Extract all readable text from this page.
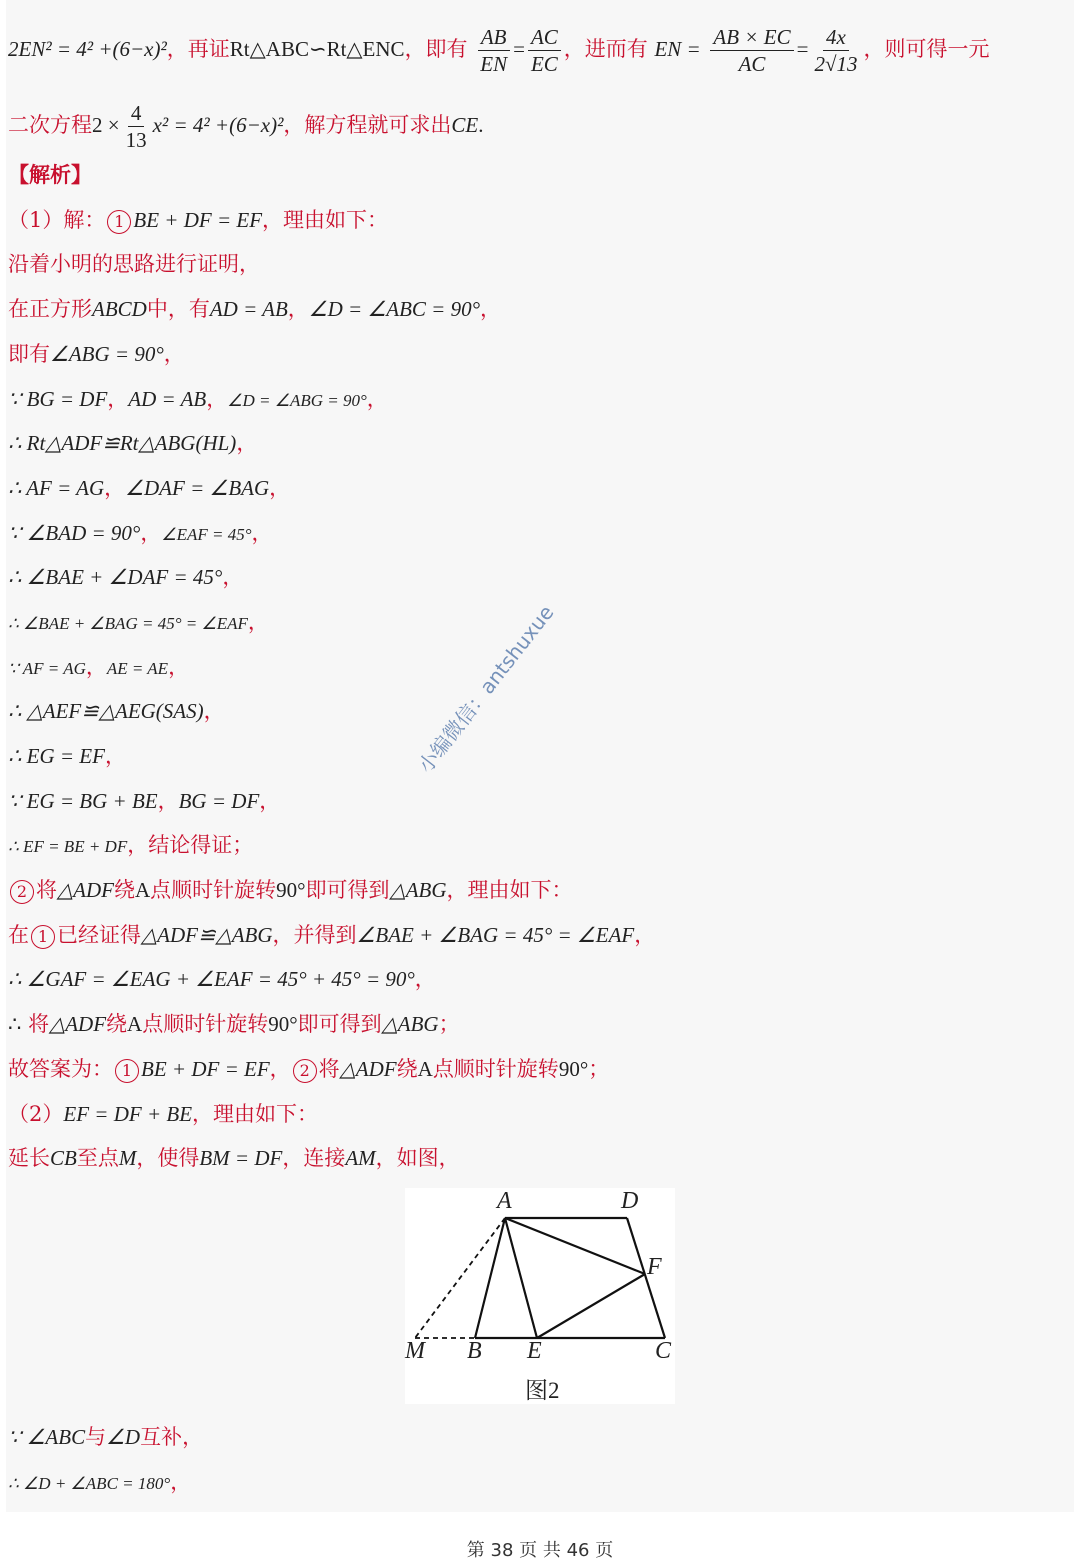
2EN² = 4² +(6−x)²，再证Rt△ABC∽Rt△ENC，即有 $\frac{AB}{EN} = \frac{AC}{EC}$ ，进而有 EN = $\frac{AB \times EC}{AC} = \frac{4x}{2√13}$ ，则可得一元
二次方程$2 \times \frac{4}{13} x^2 = 4^2 +(6-x)^2$，解方程就可求出CE.
【解析】
（1）解： 1 BE + DF = EF，理由如下：
沿着小明的思路进行证明，
在正方形ABCD中，有AD = AB，∠D = ∠ABC = 90°，
即有∠ABG = 90°，
∵ BG = DF，AD = AB，∠D = ∠ABG = 90°，
∴ Rt△ADF≌Rt△ABG(HL)，
∴ AF = AG，∠DAF = ∠BAG，
∵ ∠BAD = 90°，∠EAF = 45°，
∴ ∠BAE + ∠DAF = 45°，
∴ ∠BAE + ∠BAG = 45° = ∠EAF，
∵ AF = AG，AE = AE，
∴ △AEF≌△AEG(SAS)，
∴ EG = EF，
∵ EG = BG + BE，BG = DF，
∴ EF = BE + DF，结论得证；
2 将△ADF绕A点顺时针旋转90°即可得到△ABG，理由如下：
在 1 已经证得△ADF≌△ABG，并得到∠BAE + ∠BAG = 45° = ∠EAF，
∴ ∠GAF = ∠EAG + ∠EAF = 45° + 45° = 90°，
∴ 将△ADF绕A点顺时针旋转90°即可得到△ABG；
故答案为： 1 BE + DF = EF， 2 将△ADF绕A点顺时针旋转90°；
（2）EF = DF + BE，理由如下：
延长CB至点M，使得BM = DF，连接AM，如图，
A	D
F
M B E	C
图2
∵ ∠ABC与∠D互补，
∴ ∠D + ∠ABC = 180°，
小编微信：antshuxue
第 38 页 共 46 页
